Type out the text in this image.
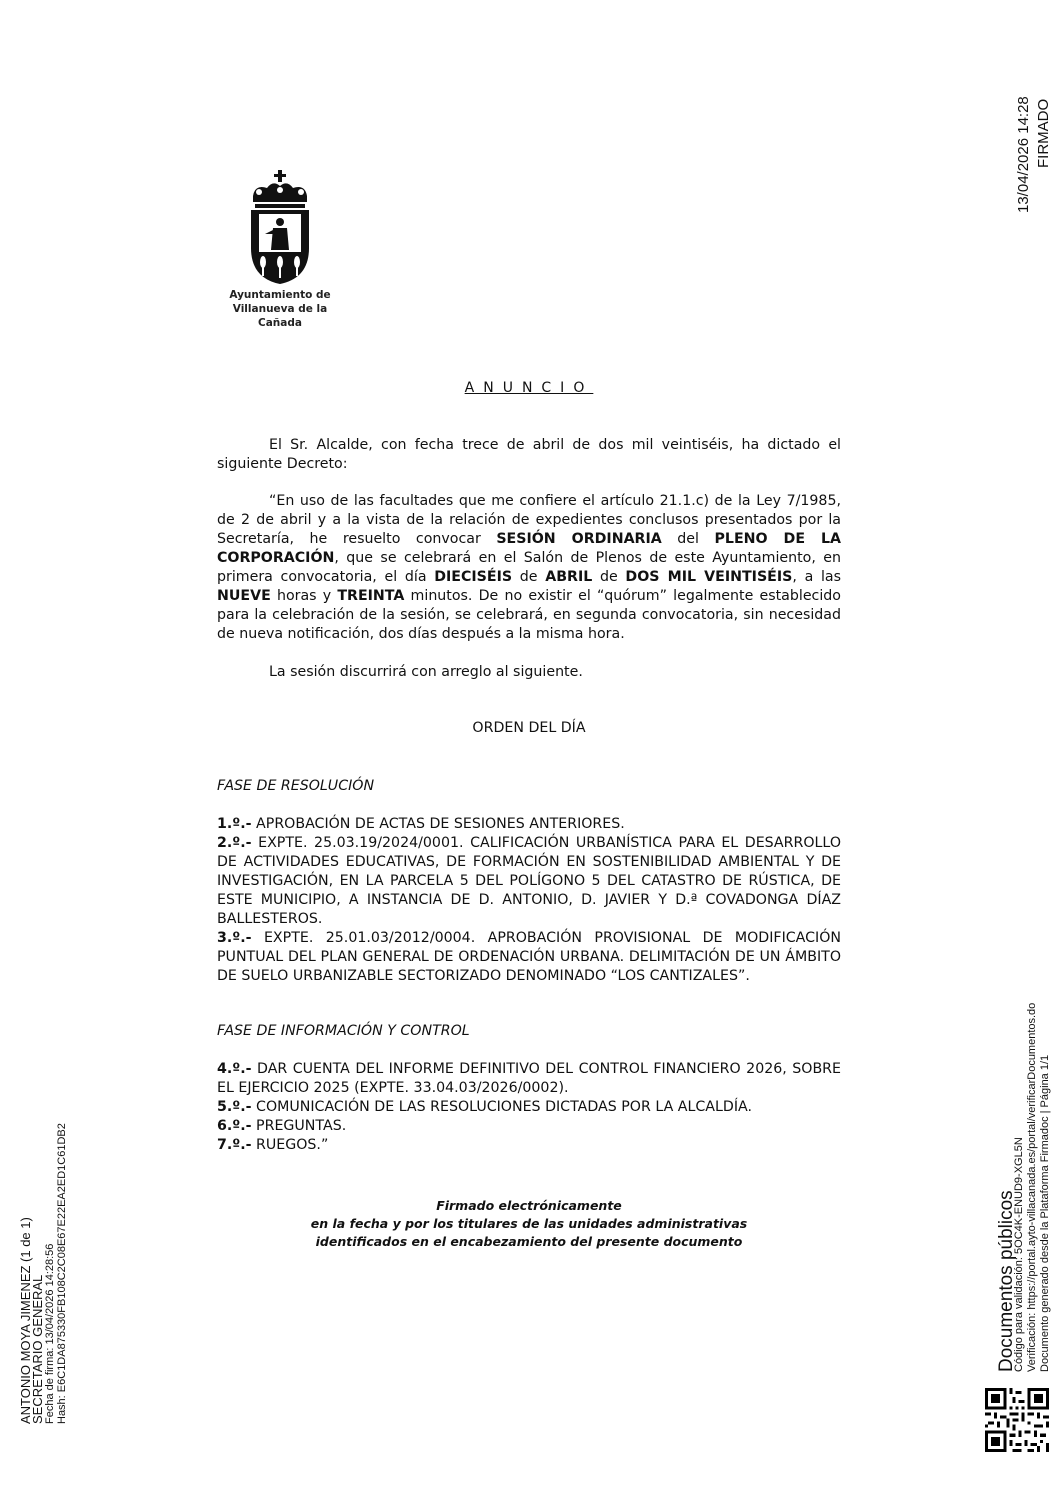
Ayuntamiento de
Villanueva de la Cañada
13/04/2026 14:28 FIRMADO
ANUNCIO
El Sr. Alcalde, con fecha trece de abril de dos mil veintiséis, ha dictado el siguiente Decreto:
“En uso de las facultades que me confiere el artículo 21.1.c) de la Ley 7/1985, de 2 de abril y a la vista de la relación de expedientes conclusos presentados por la Secretaría, he resuelto convocar SESIÓN ORDINARIA del PLENO DE LA CORPORACIÓN, que se celebrará en el Salón de Plenos de este Ayuntamiento, en primera convocatoria, el día DIECISÉIS de ABRIL de DOS MIL VEINTISÉIS, a las NUEVE horas y TREINTA minutos. De no existir el “quórum” legalmente establecido para la celebración de la sesión, se celebrará, en segunda convocatoria, sin necesidad de nueva notificación, dos días después a la misma hora.
La sesión discurrirá con arreglo al siguiente.
ORDEN DEL DÍA
FASE DE RESOLUCIÓN

1.º.- APROBACIÓN DE ACTAS DE SESIONES ANTERIORES.

2.º.- EXPTE. 25.03.19/2024/0001. CALIFICACIÓN URBANÍSTICA PARA EL DESARROLLO DE ACTIVIDADES EDUCATIVAS, DE FORMACIÓN EN SOSTENIBILIDAD AMBIENTAL Y DE INVESTIGACIÓN, EN LA PARCELA 5 DEL POLÍGONO 5 DEL CATASTRO DE RÚSTICA, DE ESTE MUNICIPIO, A INSTANCIA DE D. ANTONIO, D. JAVIER Y D.ª COVADONGA DÍAZ BALLESTEROS.

3.º.- EXPTE. 25.01.03/2012/0004. APROBACIÓN PROVISIONAL DE MODIFICACIÓN PUNTUAL DEL PLAN GENERAL DE ORDENACIÓN URBANA. DELIMITACIÓN DE UN ÁMBITO DE SUELO URBANIZABLE SECTORIZADO DENOMINADO “LOS CANTIZALES”.

FASE DE INFORMACIÓN Y CONTROL

4.º.- DAR CUENTA DEL INFORME DEFINITIVO DEL CONTROL FINANCIERO 2026, SOBRE EL EJERCICIO 2025 (EXPTE. 33.04.03/2026/0002).

5.º.- COMUNICACIÓN DE LAS RESOLUCIONES DICTADAS POR LA ALCALDÍA.

6.º.- PREGUNTAS.

7.º.- RUEGOS.”

Firmado electrónicamente
en la fecha y por los titulares de las unidades administrativas
identificados en el encabezamiento del presente documento
ANTONIO MOYA JIMENEZ (1 de 1)
SECRETARIO GENERAL Fecha de firma: 13/04/2026 14:28:56 Hash: E6C1DA875330FB108C2C08E67E22EA2ED1C61DB2	Documentos públicos
Código para validación: 5OC4K-ENUD9-XGL5N Verificación: https://portal.ayto-villacanada.es/portal/verificarDocumentos.do Documento generado desde la Plataforma Firmadoc | Página 1/1
